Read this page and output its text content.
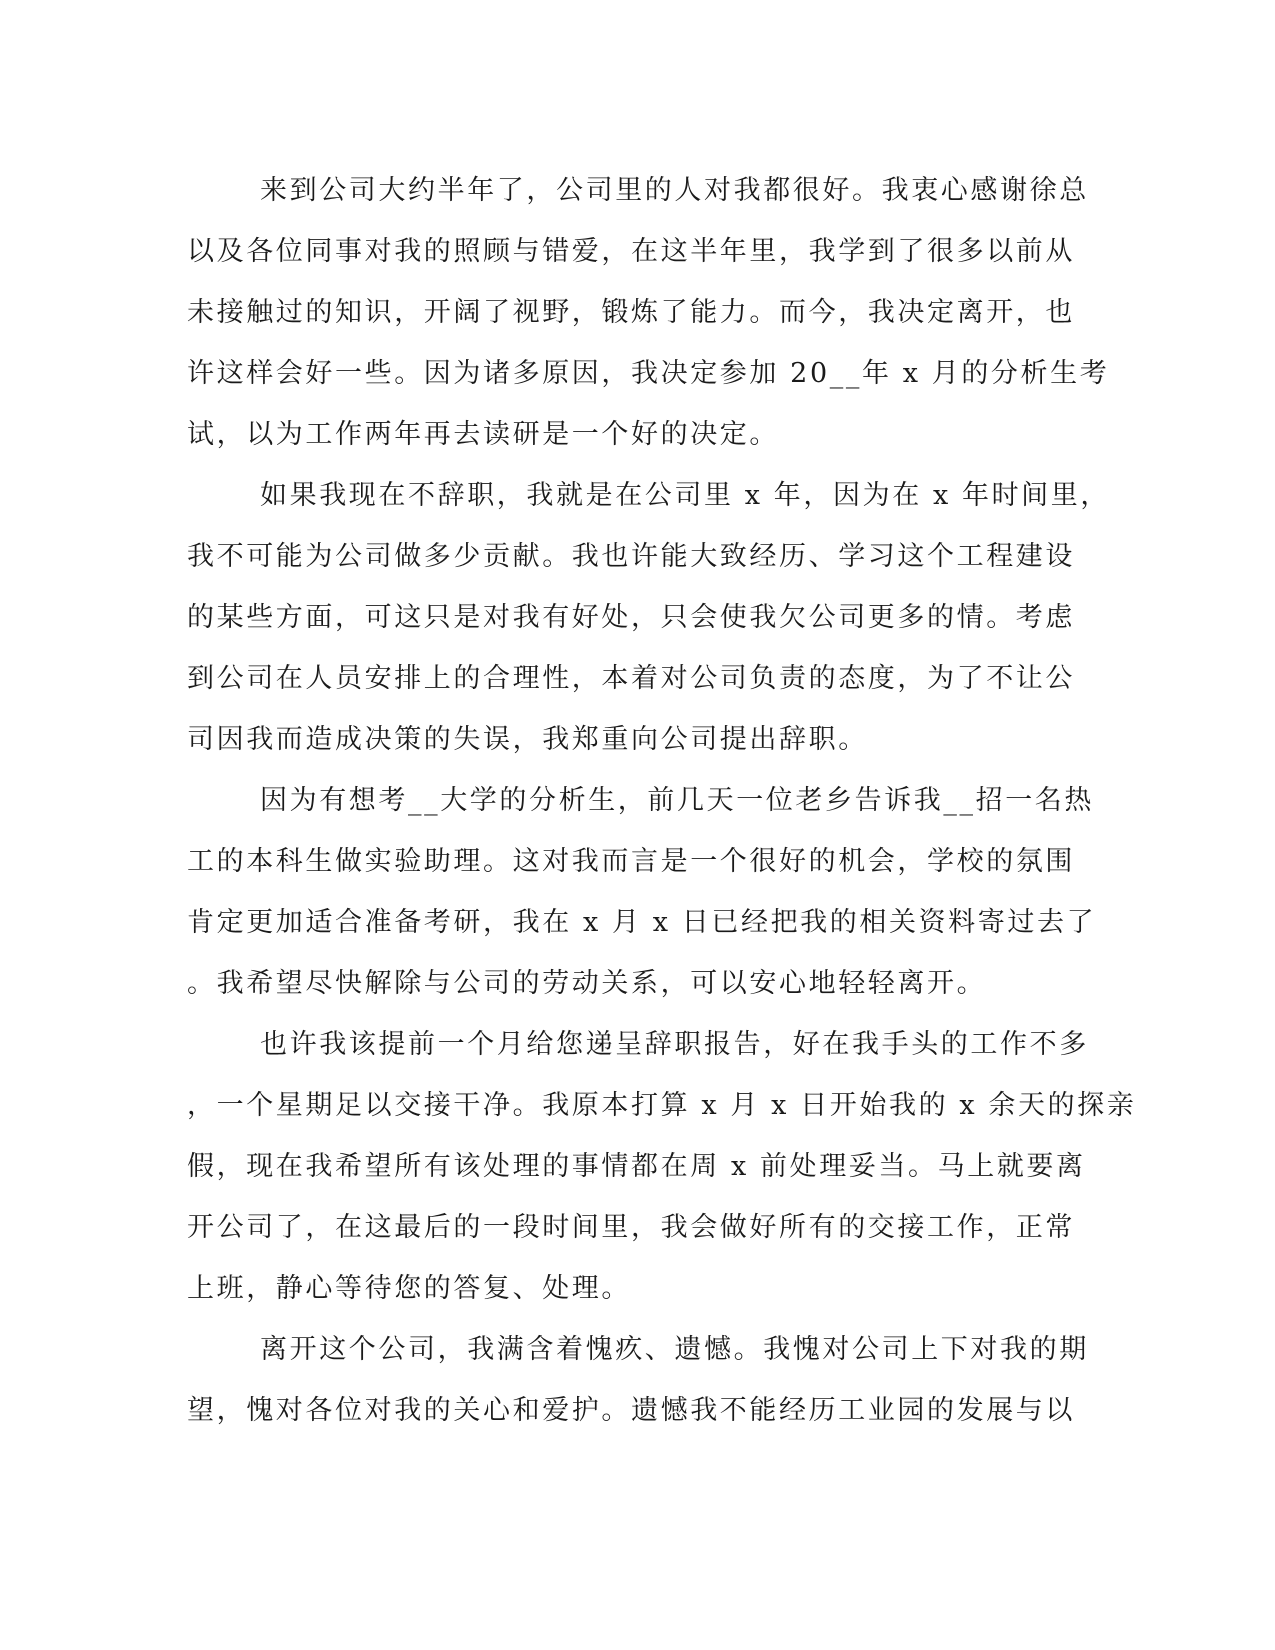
来到公司大约半年了，公司里的人对我都很好。我衷心感谢徐总
以及各位同事对我的照顾与错爱，在这半年里，我学到了很多以前从
未接触过的知识，开阔了视野，锻炼了能力。而今，我决定离开，也
许这样会好一些。因为诸多原因，我决定参加 20__年 x 月的分析生考
试，以为工作两年再去读研是一个好的决定。
如果我现在不辞职，我就是在公司里 x 年，因为在 x 年时间里，
我不可能为公司做多少贡献。我也许能大致经历、学习这个工程建设
的某些方面，可这只是对我有好处，只会使我欠公司更多的情。考虑
到公司在人员安排上的合理性，本着对公司负责的态度，为了不让公
司因我而造成决策的失误，我郑重向公司提出辞职。
因为有想考__大学的分析生，前几天一位老乡告诉我__招一名热
工的本科生做实验助理。这对我而言是一个很好的机会，学校的氛围
肯定更加适合准备考研，我在 x 月 x 日已经把我的相关资料寄过去了
。我希望尽快解除与公司的劳动关系，可以安心地轻轻离开。
也许我该提前一个月给您递呈辞职报告，好在我手头的工作不多
，一个星期足以交接干净。我原本打算 x 月 x 日开始我的 x 余天的探亲
假，现在我希望所有该处理的事情都在周 x 前处理妥当。马上就要离
开公司了，在这最后的一段时间里，我会做好所有的交接工作，正常
上班，静心等待您的答复、处理。
离开这个公司，我满含着愧疚、遗憾。我愧对公司上下对我的期
望，愧对各位对我的关心和爱护。遗憾我不能经历工业园的发展与以
